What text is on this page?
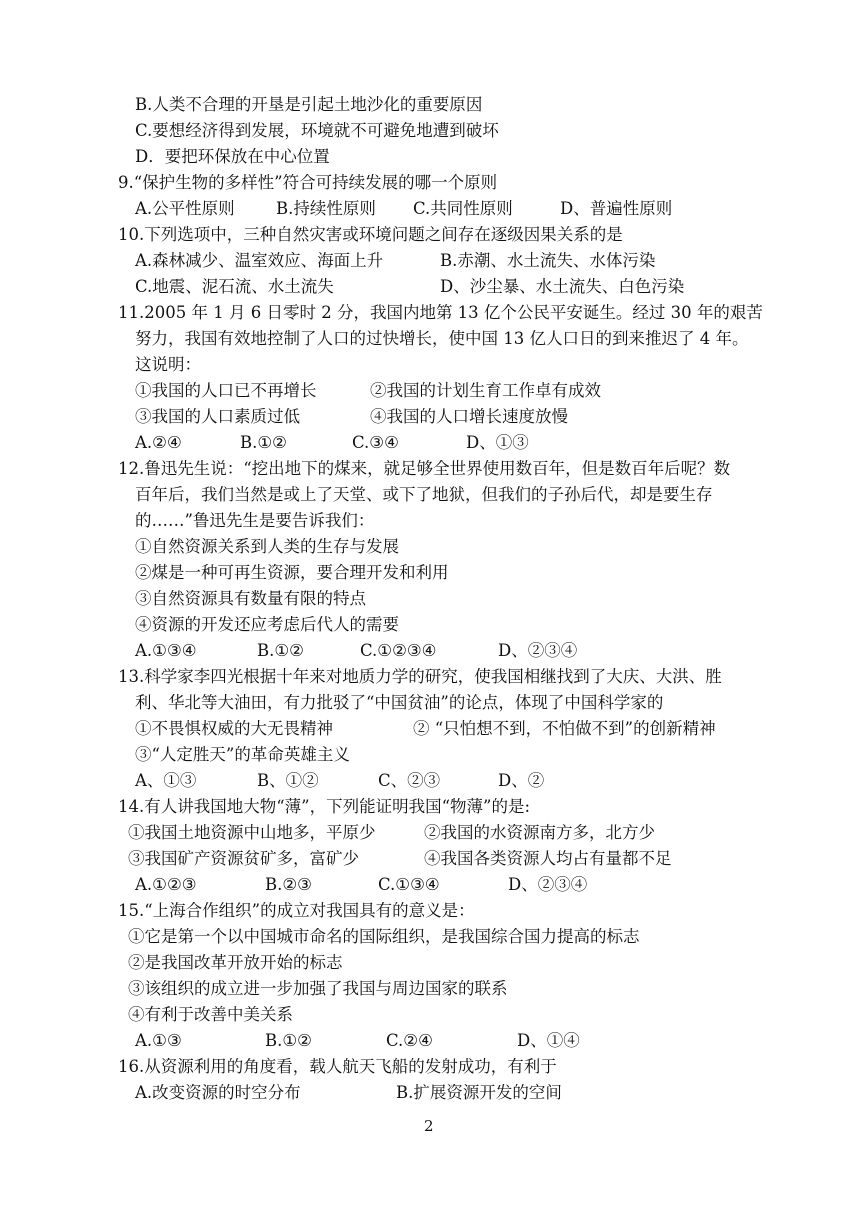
B.人类不合理的开垦是引起土地沙化的重要原因
C.要想经济得到发展，环境就不可避免地遭到破坏
D．要把环保放在中心位置
9.“保护生物的多样性”符合可持续发展的哪一个原则
A.公平性原则	B.持续性原则 C.共同性原则	D、普遍性原则
10.下列选项中，三种自然灾害或环境问题之间存在逐级因果关系的是
A.森林减少、温室效应、海面上升	B.赤潮、水土流失、水体污染
C.地震、泥石流、水土流失	D、沙尘暴、水土流失、白色污染
11.2005 年 1 月 6 日零时 2 分，我国内地第 13 亿个公民平安诞生。经过 30 年的艰苦
努力，我国有效地控制了人口的过快增长，使中国 13 亿人口日的到来推迟了 4 年。
这说明：
①我国的人口已不再增长	②我国的计划生育工作卓有成效
③我国的人口素质过低	④我国的人口增长速度放慢
A.②④	B.①②	C.③④	D、①③
12.鲁迅先生说：“挖出地下的煤来，就足够全世界使用数百年，但是数百年后呢？数
百年后，我们当然是或上了天堂、或下了地狱，但我们的子孙后代，却是要生存
的……”鲁迅先生是要告诉我们：
①自然资源关系到人类的生存与发展
②煤是一种可再生资源，要合理开发和利用
③自然资源具有数量有限的特点
④资源的开发还应考虑后代人的需要
A.①③④	B.①②	C.①②③④	D、②③④
13.科学家李四光根据十年来对地质力学的研究，使我国相继找到了大庆、大洪、胜
利、华北等大油田，有力批驳了“中国贫油”的论点，体现了中国科学家的
①不畏惧权威的大无畏精神	② “只怕想不到，不怕做不到”的创新精神
③“人定胜天”的革命英雄主义
A、①③	B、①②	C、②③	D、②
14.有人讲我国地大物“薄”，下列能证明我国“物薄”的是:
①我国土地资源中山地多，平原少	②我国的水资源南方多，北方少
③我国矿产资源贫矿多，富矿少	④我国各类资源人均占有量都不足
A.①②③	B.②③	C.①③④	D、②③④
15.“上海合作组织”的成立对我国具有的意义是：
①它是第一个以中国城市命名的国际组织，是我国综合国力提高的标志
②是我国改革开放开始的标志
③该组织的成立进一步加强了我国与周边国家的联系
④有利于改善中美关系
A.①③	B.①②	C.②④	D、①④
16.从资源利用的角度看，载人航天飞船的发射成功，有利于
A.改变资源的时空分布	B.扩展资源开发的空间
2
